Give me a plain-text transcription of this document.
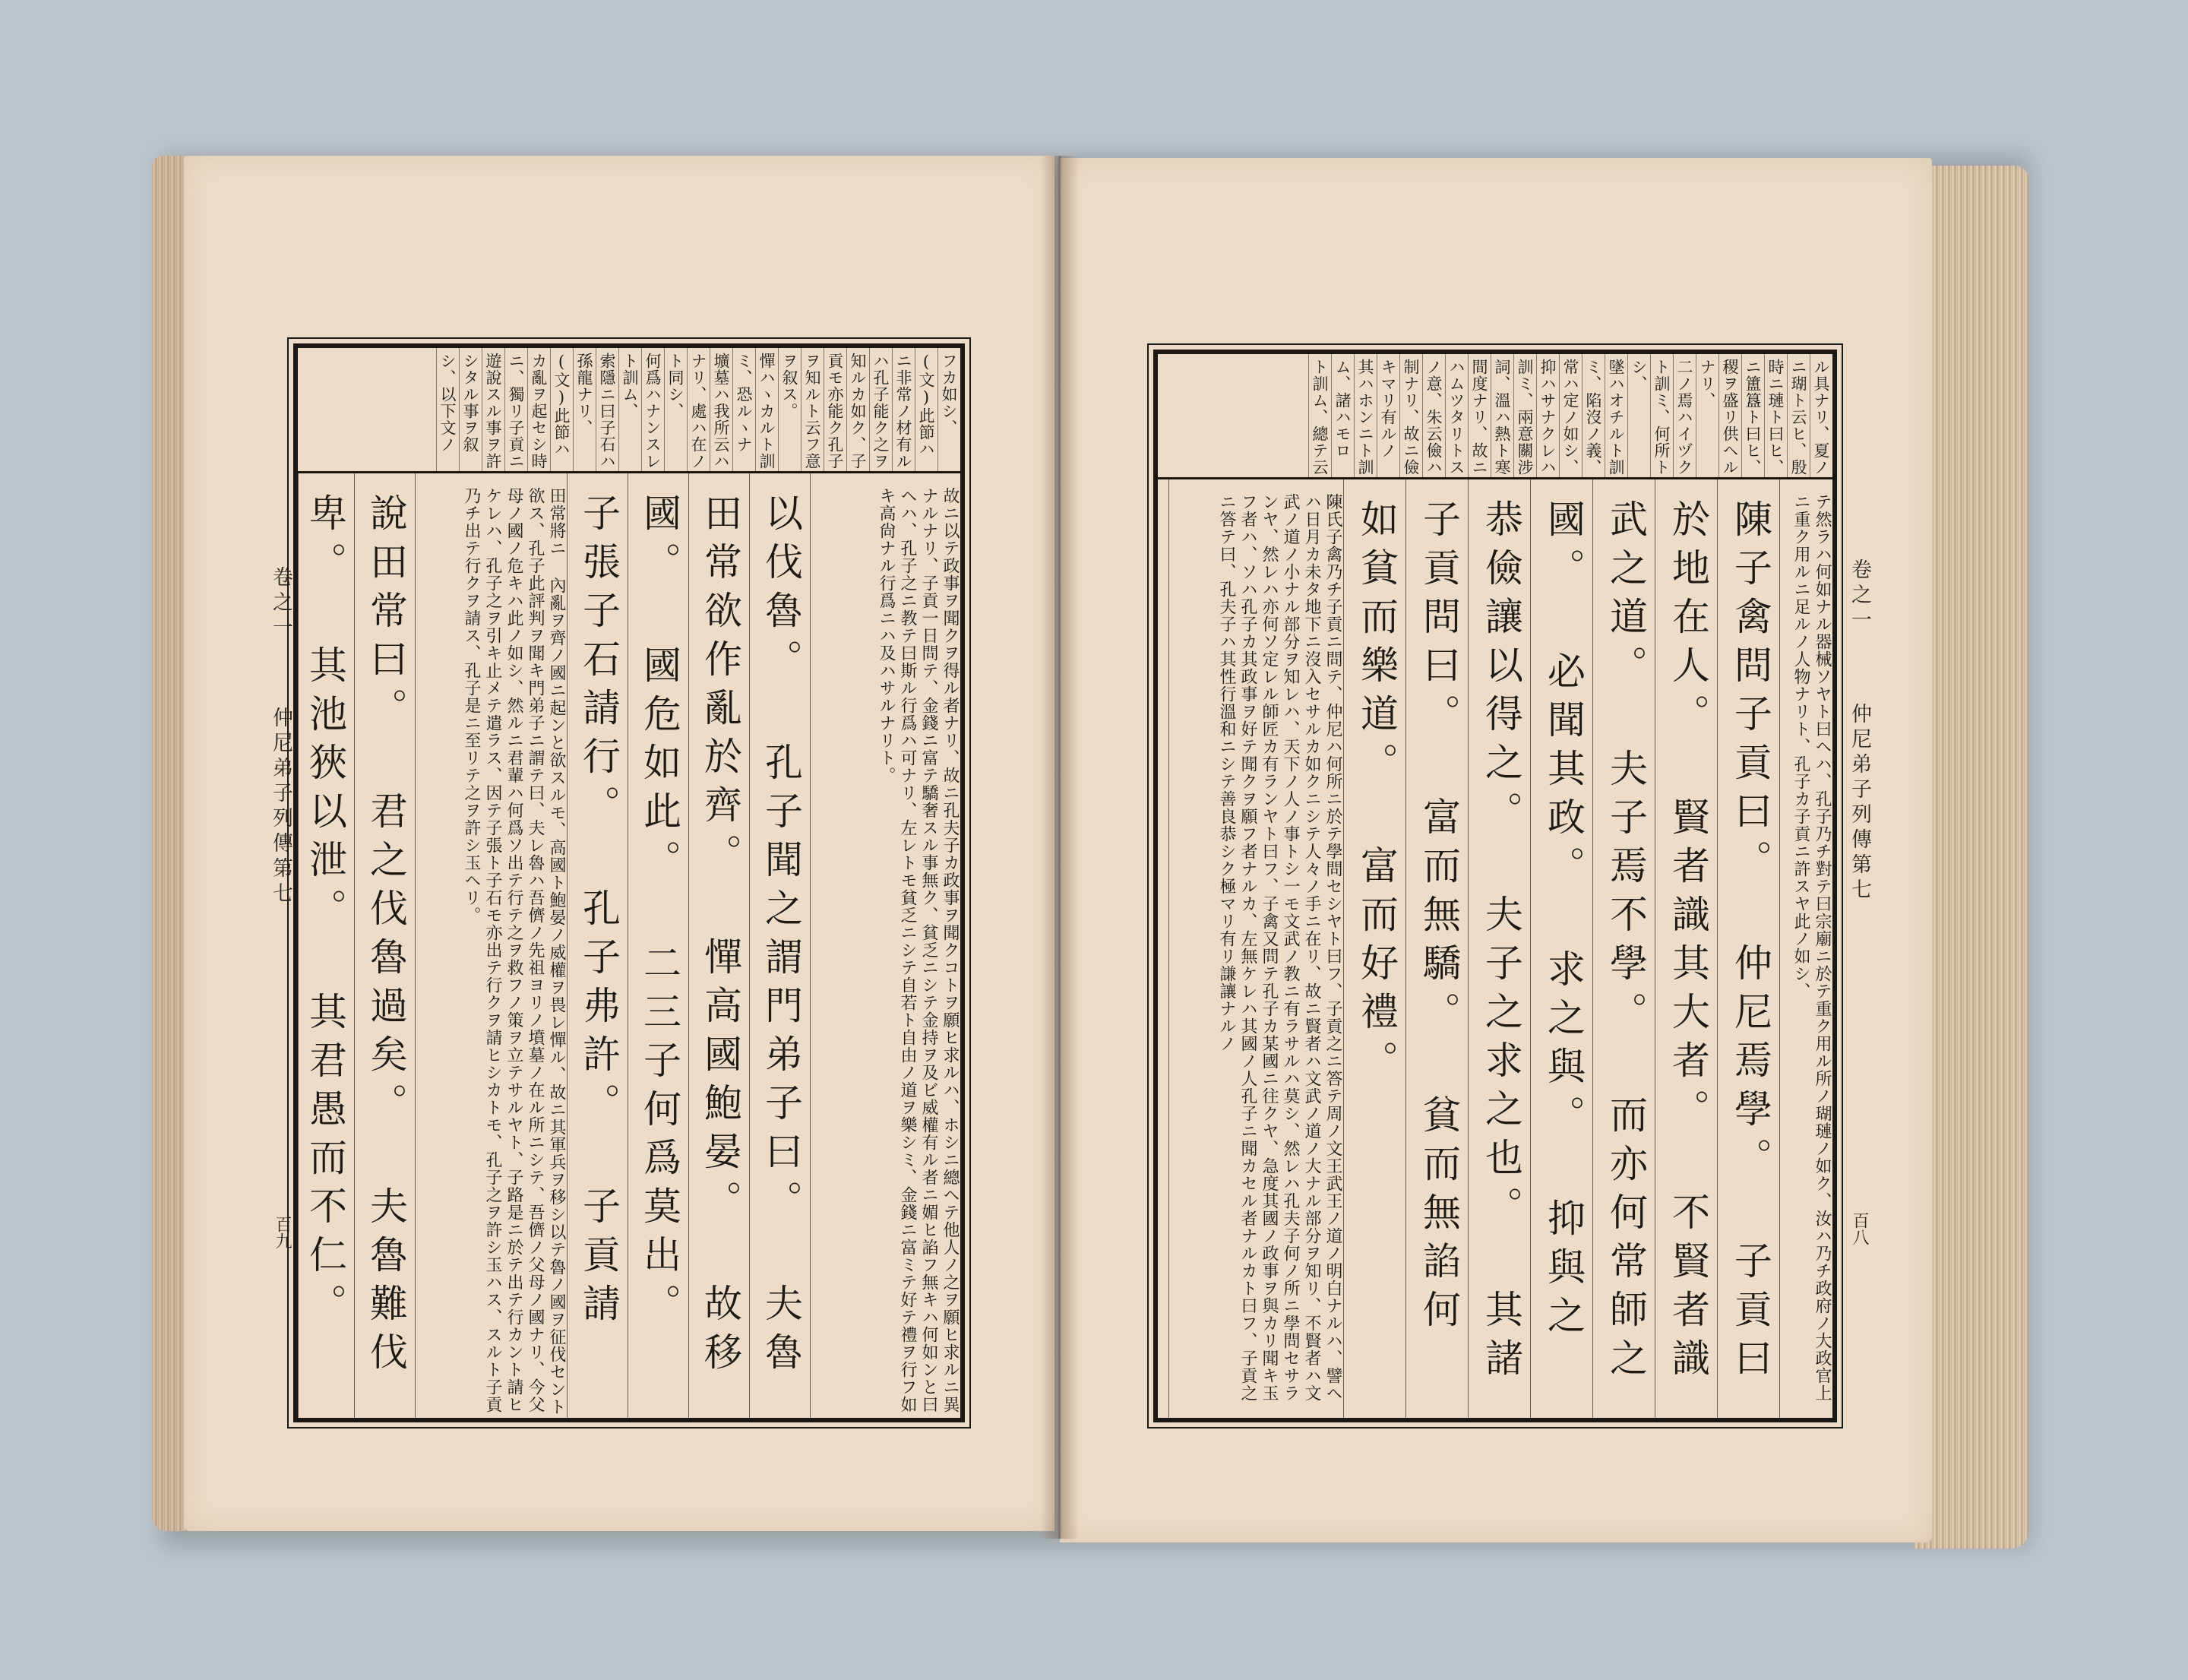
卷之一
仲尼弟子列傳第七
百九
卷之一
仲尼弟子列傳第七
百八
フカ如シ、
(文)此節ハ
ニ非常ノ材有ル
ハ孔子能ク之ヲ
知ルカ如ク、子
貢モ亦能ク孔子
ヲ知ルト云フ意
ヲ叙ス。
憚ハヽカルト訓
ミ、恐ルヽナ
壙墓ハ我所云ハ
ナリ、處ハ在ノ
ト同シ、
何爲ハナンスレ
ト訓ム、
索隱ニ曰子石ハ
孫龍ナリ、
(文)此節ハ
カ亂ヲ起セシ時
ニ、獨リ子貢ニ
遊說スル事ヲ許
シタル事ヲ叙
シ、以下文ノ
故ニ以テ政事ヲ聞クヲ得ル者ナリ、故ニ孔夫子カ政事ヲ聞クコトヲ願ヒ求ルハ、ホシニ總ヘテ他人ノ之ヲ願ヒ求ルニ異ナルナリ、子貢一日問テ、金錢ニ富テ驕奢スル事無ク、貧乏ニシテ金持ヲ及ビ威權有ル者ニ媚ヒ諂フ無キハ何如ンと曰ヘハ、孔子之ニ教テ曰斯ル行爲ハ可ナリ、左レトモ貧乏ニシテ自若ト自由ノ道ヲ樂シミ、金錢ニ富ミテ好テ禮ヲ行フ如キ高尙ナル行爲ニハ及ハサルナリト。
以伐魯。 孔子聞之謂門弟子曰。 夫魯
田常欲作亂於齊。 憚高國鮑晏。 故移
國。 國危如此。 二三子何爲莫出。
子張子石請行。 孔子弗許。 子貢請
田常將ニ 內亂ヲ齊ノ國ニ起ンと欲スルモ、高國ト鮑晏ノ威權ヲ畏レ憚ル、故ニ其軍兵ヲ移シ以テ魯ノ國ヲ征伐セント欲ス、孔子此評判ヲ聞キ門弟子ニ謂テ曰、夫レ魯ハ吾儕ノ先祖ヨリノ墳墓ノ在ル所ニシテ、吾儕ノ父母ノ國ナリ、今父母ノ國ノ危キハ此ノ如シ、然ルニ君輩ハ何爲ソ出テ行テ之ヲ救フノ策ヲ立テサルヤト、子路是ニ於テ出テ行カント請ヒケレハ、孔子之ヲ引キ止メテ遣ラス、因テ子張ト子石モ亦出テ行クヲ請ヒシカトモ、孔子之ヲ許シ玉ハス、スルト子貢乃チ出テ行クヲ請ス、孔子是ニ至リテ之ヲ許シ玉ヘリ。
說田常曰。 君之伐魯過矣。 夫魯難伐
卑。 其池狹以泄。 其君愚而不仁。
ル具ナリ、夏ノ
ニ瑚ト云ヒ、殷
時ニ璉ト曰ヒ、
ニ簠簋ト曰ヒ、
稷ヲ盛リ供ヘル
ナリ、
二ノ焉ハイヅク
ト訓ミ、何所ト
シ、
墜ハオチルト訓
ミ、陷沒ノ義、
常ハ定ノ如シ、
抑ハサナクレハ
訓ミ、兩意關涉
詞、溫ハ熱ト寒
間度ナリ、故ニ
ハムツタリトス
ノ意、朱云儉ハ
制ナリ、故ニ儉
キマリ有ルノ
其ハホンニト訓
ム、諸ハモロ
ト訓ム、總テ云
テ然ラハ何如ナル器械ソヤト曰ヘハ、孔子乃チ對テ曰宗廟ニ於テ重ク用ル所ノ瑚璉ノ如ク、汝ハ乃チ政府ノ大政官上ニ重ク用ルニ足ルノ人物ナリト、孔子カ子貢ニ許スヤ此ノ如シ、
陳子禽問子貢曰。 仲尼焉學。 子貢曰
於地在人。 賢者識其大者。 不賢者識
武之道。 夫子焉不學。 而亦何常師之
國。 必聞其政。 求之與。 抑與之
恭儉讓以得之。 夫子之求之也。 其諸
子貢問曰。 富而無驕。 貧而無諂何
如貧而樂道。 富而好禮。
陳氏子禽乃チ子貢ニ問テ、仲尼ハ何所ニ於テ學問セシヤト曰フ、子貢之ニ答テ周ノ文王武王ノ道ノ明白ナルハ、譬ヘハ日月カ未タ地下ニ沒入セサルカ如クニシテ人々ノ手ニ在リ、故ニ賢者ハ文武ノ道ノ大ナル部分ヲ知リ、不賢者ハ文武ノ道ノ小ナル部分ヲ知レハ、天下ノ人ノ事トシ一モ文武ノ教ニ有ラサルハ莫シ、然レハ孔夫子何ノ所ニ學問セサランヤ、然レハ亦何ソ定レル師匠カ有ランヤト曰フ、子禽又問テ孔子カ某國ニ往クヤ、急度其國ノ政事ヲ與カリ聞キ玉フ者ハ、ソハ孔子カ其政事ヲ好テ聞クヲ願フ者ナルカ、左無ケレハ其國ノ人孔子ニ聞カセル者ナルカト曰フ、子貢之ニ答テ曰、孔夫子ハ其性行溫和ニシテ善良恭シク極マリ有リ謙讓ナルノ
